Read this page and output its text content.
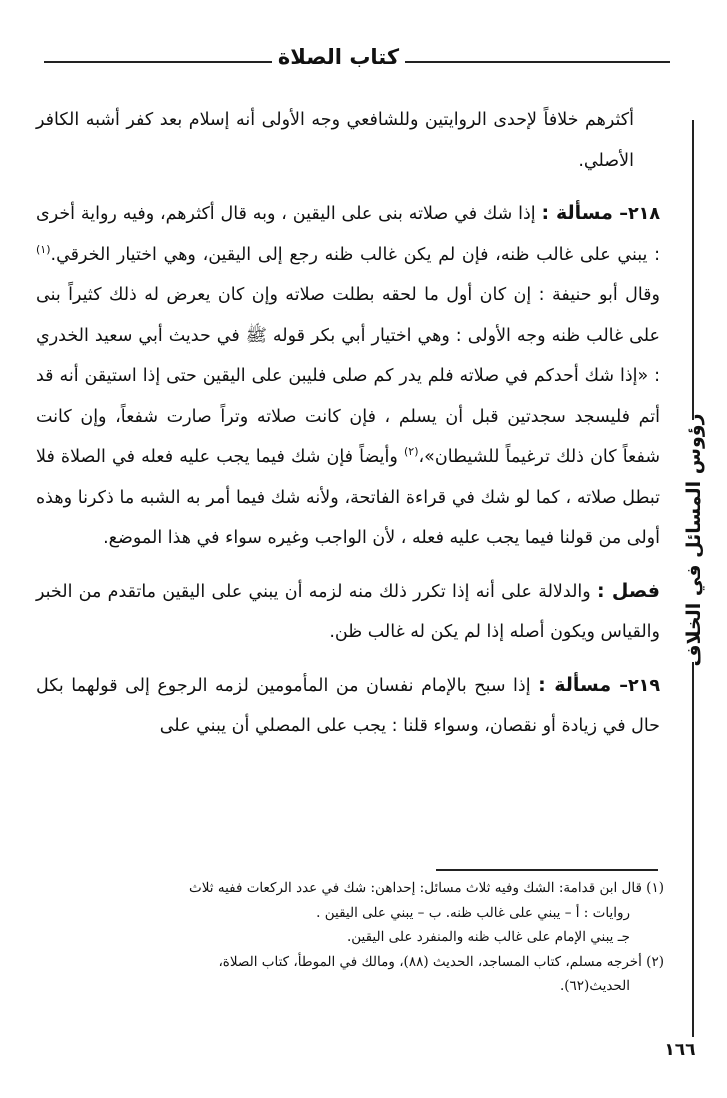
كتاب الصلاة
رؤوس المسائل في الخلاف

أكثرهم خلافاً لإحدى الروايتين وللشافعي وجه الأولى أنه إسلام بعد كفر أشبه الكافر الأصلي.

٢١٨– مسألة : إذا شك في صلاته بنى على اليقين ، وبه قال أكثرهم، وفيه رواية أخرى : يبني على غالب ظنه، فإن لم يكن غالب ظنه رجع إلى اليقين، وهي اختيار الخرقي.$^{(١)}$ وقال أبو حنيفة : إن كان أول ما لحقه بطلت صلاته وإن كان يعرض له ذلك كثيراً بنى على غالب ظنه وجه الأولى : وهي اختيار أبي بكر قوله ﷺ في حديث أبي سعيد الخدري : «إذا شك أحدكم في صلاته فلم يدر كم صلى فليبن على اليقين حتى إذا استيقن أنه قد أتم فليسجد سجدتين قبل أن يسلم ، فإن كانت صلاته وتراً صارت شفعاً، وإن كانت شفعاً كان ذلك ترغيماً للشيطان»،$^{(٢)}$ وأيضاً فإن شك فيما يجب عليه فعله في الصلاة فلا تبطل صلاته ، كما لو شك في قراءة الفاتحة، ولأنه شك فيما أمر به الشبه ما ذكرنا وهذه أولى من قولنا فيما يجب عليه فعله ، لأن الواجب وغيره سواء في هذا الموضع.

فصل : والدلالة على أنه إذا تكرر ذلك منه لزمه أن يبني على اليقين ماتقدم من الخبر والقياس ويكون أصله إذا لم يكن له غالب ظن.

٢١٩– مسألة : إذا سبح بالإمام نفسان من المأمومين لزمه الرجوع إلى قولهما بكل حال في زيادة أو نقصان، وسواء قلنا : يجب على المصلي أن يبني على

(١) قال ابن قدامة: الشك وفيه ثلاث مسائل: إحداهن: شك في عدد الركعات ففيه ثلاث

روايات : أ – يبني على غالب ظنه. ب – يبني على اليقين .

جـ يبني الإمام على غالب ظنه والمنفرد على اليقين.

(٢) أخرجه مسلم، كتاب المساجد، الحديث (٨٨)، ومالك في الموطأ، كتاب الصلاة،

الحديث(٦٢).

١٦٦
